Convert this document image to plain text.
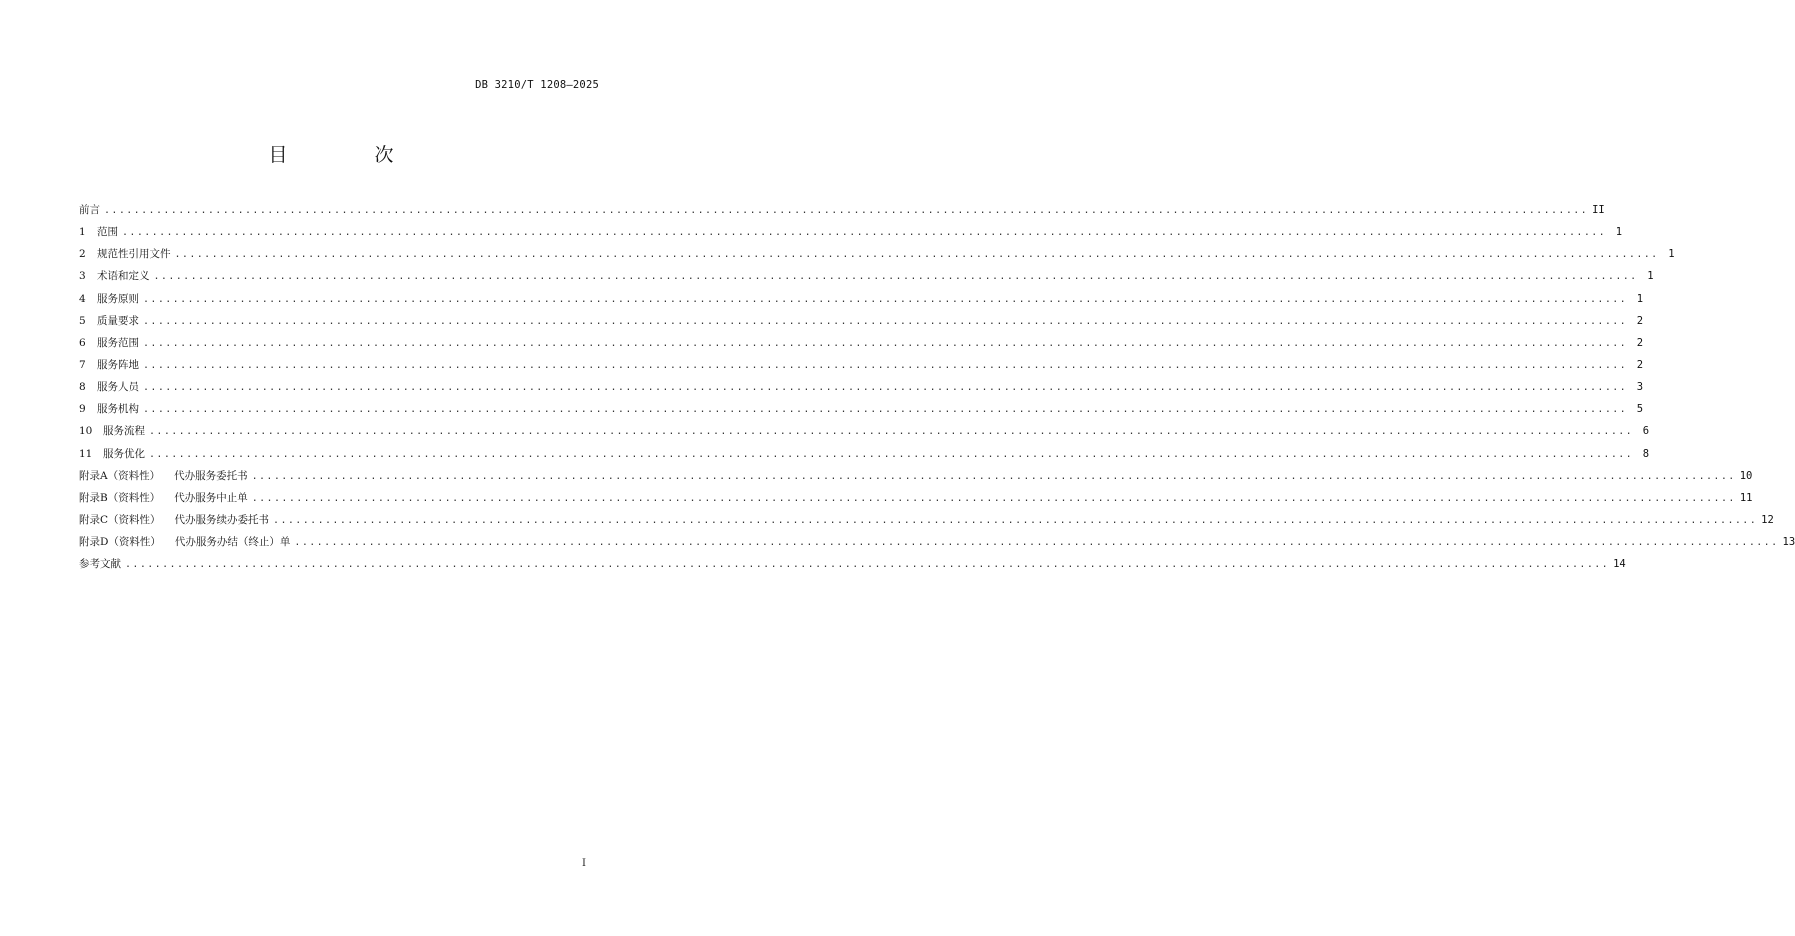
DB 3210/T 1208—2025
目　次
前言 ........................................................................................................................................................................................................ II
1 范围 ........................................................................................................................................................................................................ 1
2 规范性引用文件 ........................................................................................................................................................................................................ 1
3 术语和定义 ........................................................................................................................................................................................................ 1
4 服务原则 ........................................................................................................................................................................................................ 1
5 质量要求 ........................................................................................................................................................................................................ 2
6 服务范围 ........................................................................................................................................................................................................ 2
7 服务阵地 ........................................................................................................................................................................................................ 2
8 服务人员 ........................................................................................................................................................................................................ 3
9 服务机构 ........................................................................................................................................................................................................ 5
10 服务流程 ........................................................................................................................................................................................................ 6
11 服务优化 ........................................................................................................................................................................................................ 8
附录A（资料性） 代办服务委托书 ........................................................................................................................................................................................................ 10
附录B（资料性） 代办服务中止单 ........................................................................................................................................................................................................ 11
附录C（资料性） 代办服务续办委托书 ........................................................................................................................................................................................................ 12
附录D（资料性） 代办服务办结（终止）单 ........................................................................................................................................................................................................ 13
参考文献 ........................................................................................................................................................................................................ 14
I
